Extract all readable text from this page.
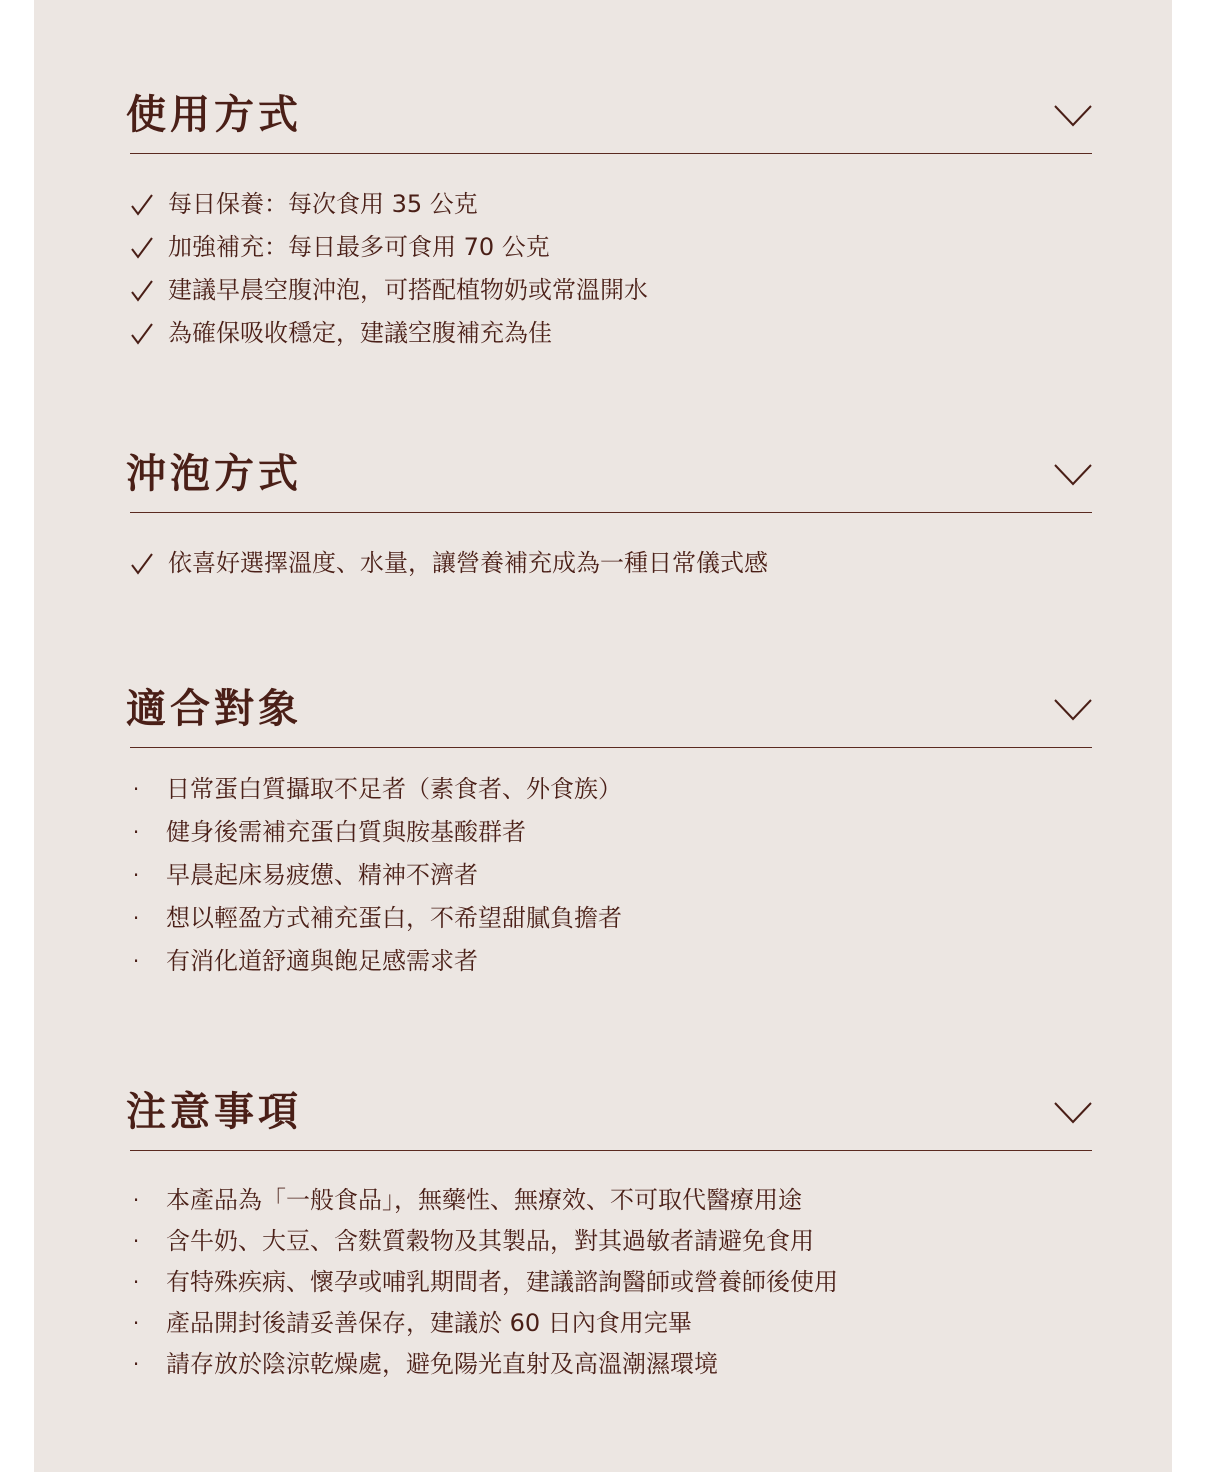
使用方式
每日保養：每次食用 35 公克
加強補充：每日最多可食用 70 公克
建議早晨空腹沖泡，可搭配植物奶或常溫開水
為確保吸收穩定，建議空腹補充為佳
沖泡方式
依喜好選擇溫度、水量，讓營養補充成為一種日常儀式感
適合對象
· 日常蛋白質攝取不足者（素食者、外食族）
· 健身後需補充蛋白質與胺基酸群者
· 早晨起床易疲憊、精神不濟者
· 想以輕盈方式補充蛋白，不希望甜膩負擔者
· 有消化道舒適與飽足感需求者
注意事項
· 本產品為「一般食品」，無藥性、無療效、不可取代醫療用途
· 含牛奶、大豆、含麩質穀物及其製品，對其過敏者請避免食用
· 有特殊疾病、懷孕或哺乳期間者，建議諮詢醫師或營養師後使用
· 產品開封後請妥善保存，建議於 60 日內食用完畢
· 請存放於陰涼乾燥處，避免陽光直射及高溫潮濕環境
